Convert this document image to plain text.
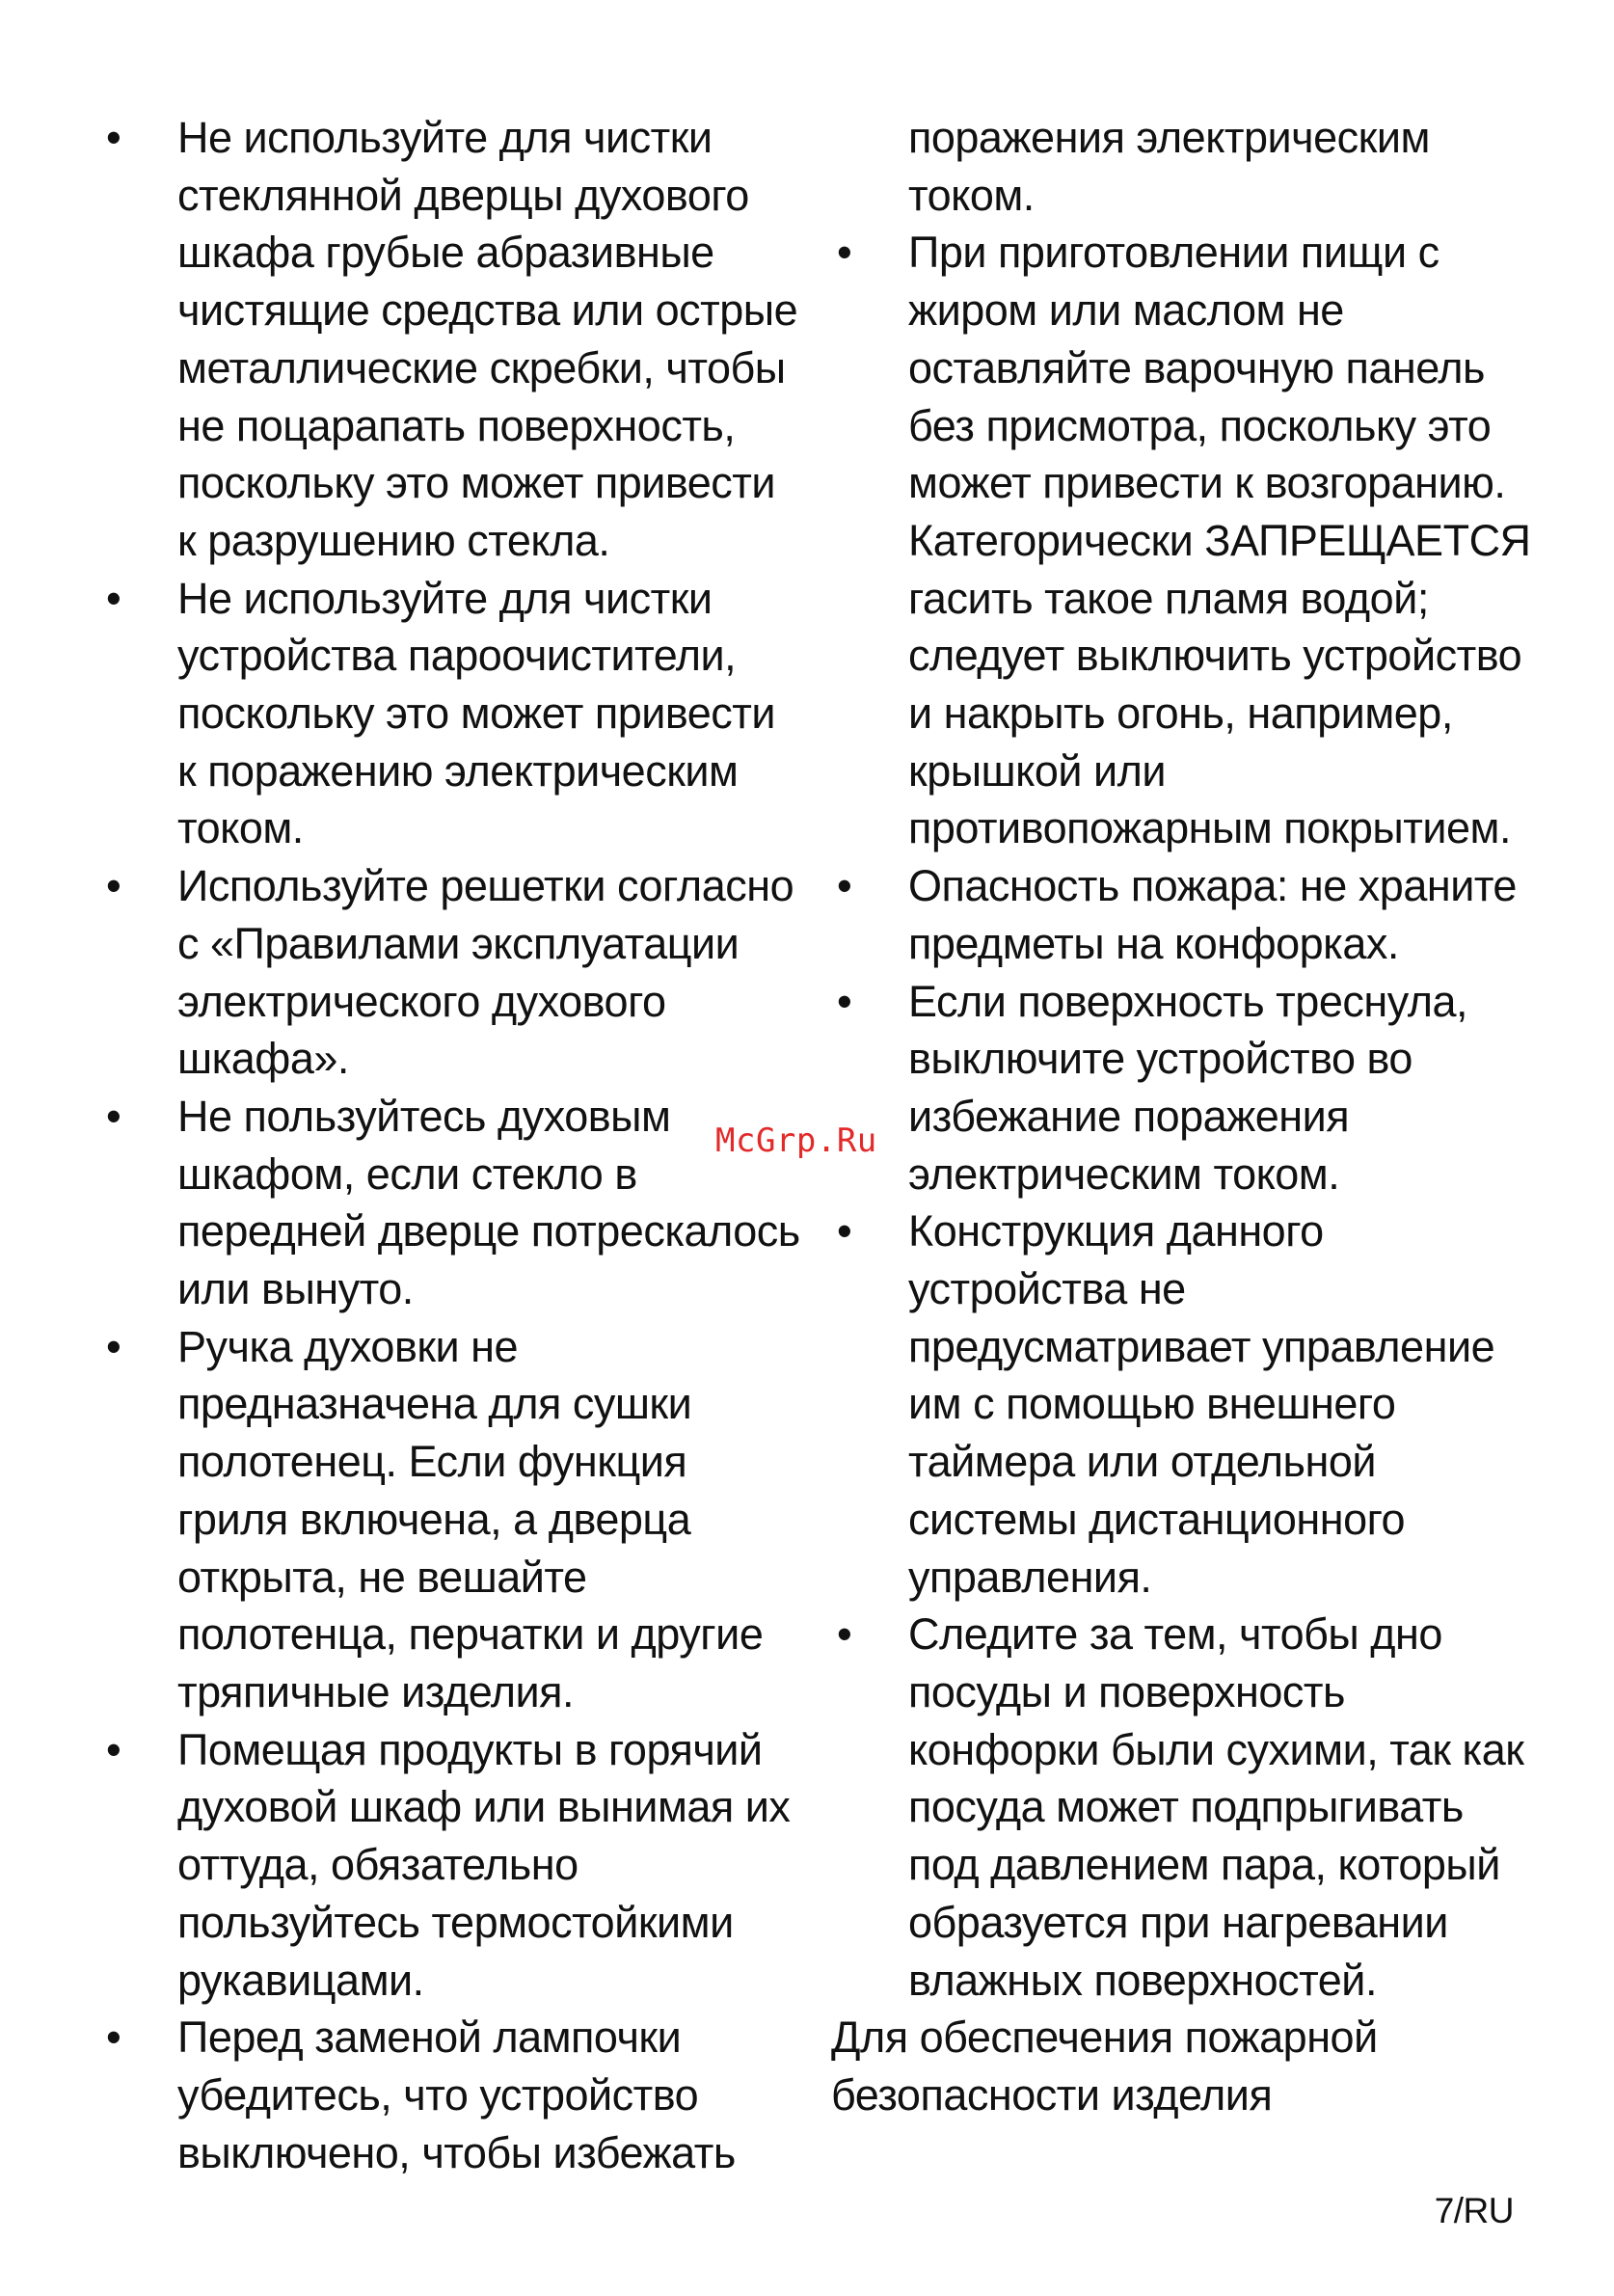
• Не используйте для чистки
стеклянной дверцы духового
шкафа грубые абразивные
чистящие средства или острые
металлические скребки, чтобы
не поцарапать поверхность,
поскольку это может привести
к разрушению стекла.
• Не используйте для чистки
устройства пароочистители,
поскольку это может привести
к поражению электрическим
током.
• Используйте решетки согласно
с «Правилами эксплуатации
электрического духового
шкафа».
• Не пользуйтесь духовым
шкафом, если стекло в
передней дверце потрескалось
или вынуто.
• Ручка духовки не
предназначена для сушки
полотенец. Если функция
гриля включена, а дверца
открыта, не вешайте
полотенца, перчатки и другие
тряпичные изделия.
• Помещая продукты в горячий
духовой шкаф или вынимая их
оттуда, обязательно
пользуйтесь термостойкими
рукавицами.
• Перед заменой лампочки
убедитесь, что устройство
выключено, чтобы избежать
поражения электрическим
током.
• При приготовлении пищи с
жиром или маслом не
оставляйте варочную панель
без присмотра, поскольку это
может привести к возгоранию.
Категорически ЗАПРЕЩАЕТСЯ
гасить такое пламя водой;
следует выключить устройство
и накрыть огонь, например,
крышкой или
противопожарным покрытием.
• Опасность пожара: не храните
предметы на конфорках.
• Если поверхность треснула,
выключите устройство во
избежание поражения
электрическим током.
• Конструкция данного
устройства не
предусматривает управление
им с помощью внешнего
таймера или отдельной
системы дистанционного
управления.
• Следите за тем, чтобы дно
посуды и поверхность
конфорки были сухими, так как
посуда может подпрыгивать
под давлением пара, который
образуется при нагревании
влажных поверхностей.
Для обеспечения пожарной
безопасности изделия
McGrp.Ru
7/RU
